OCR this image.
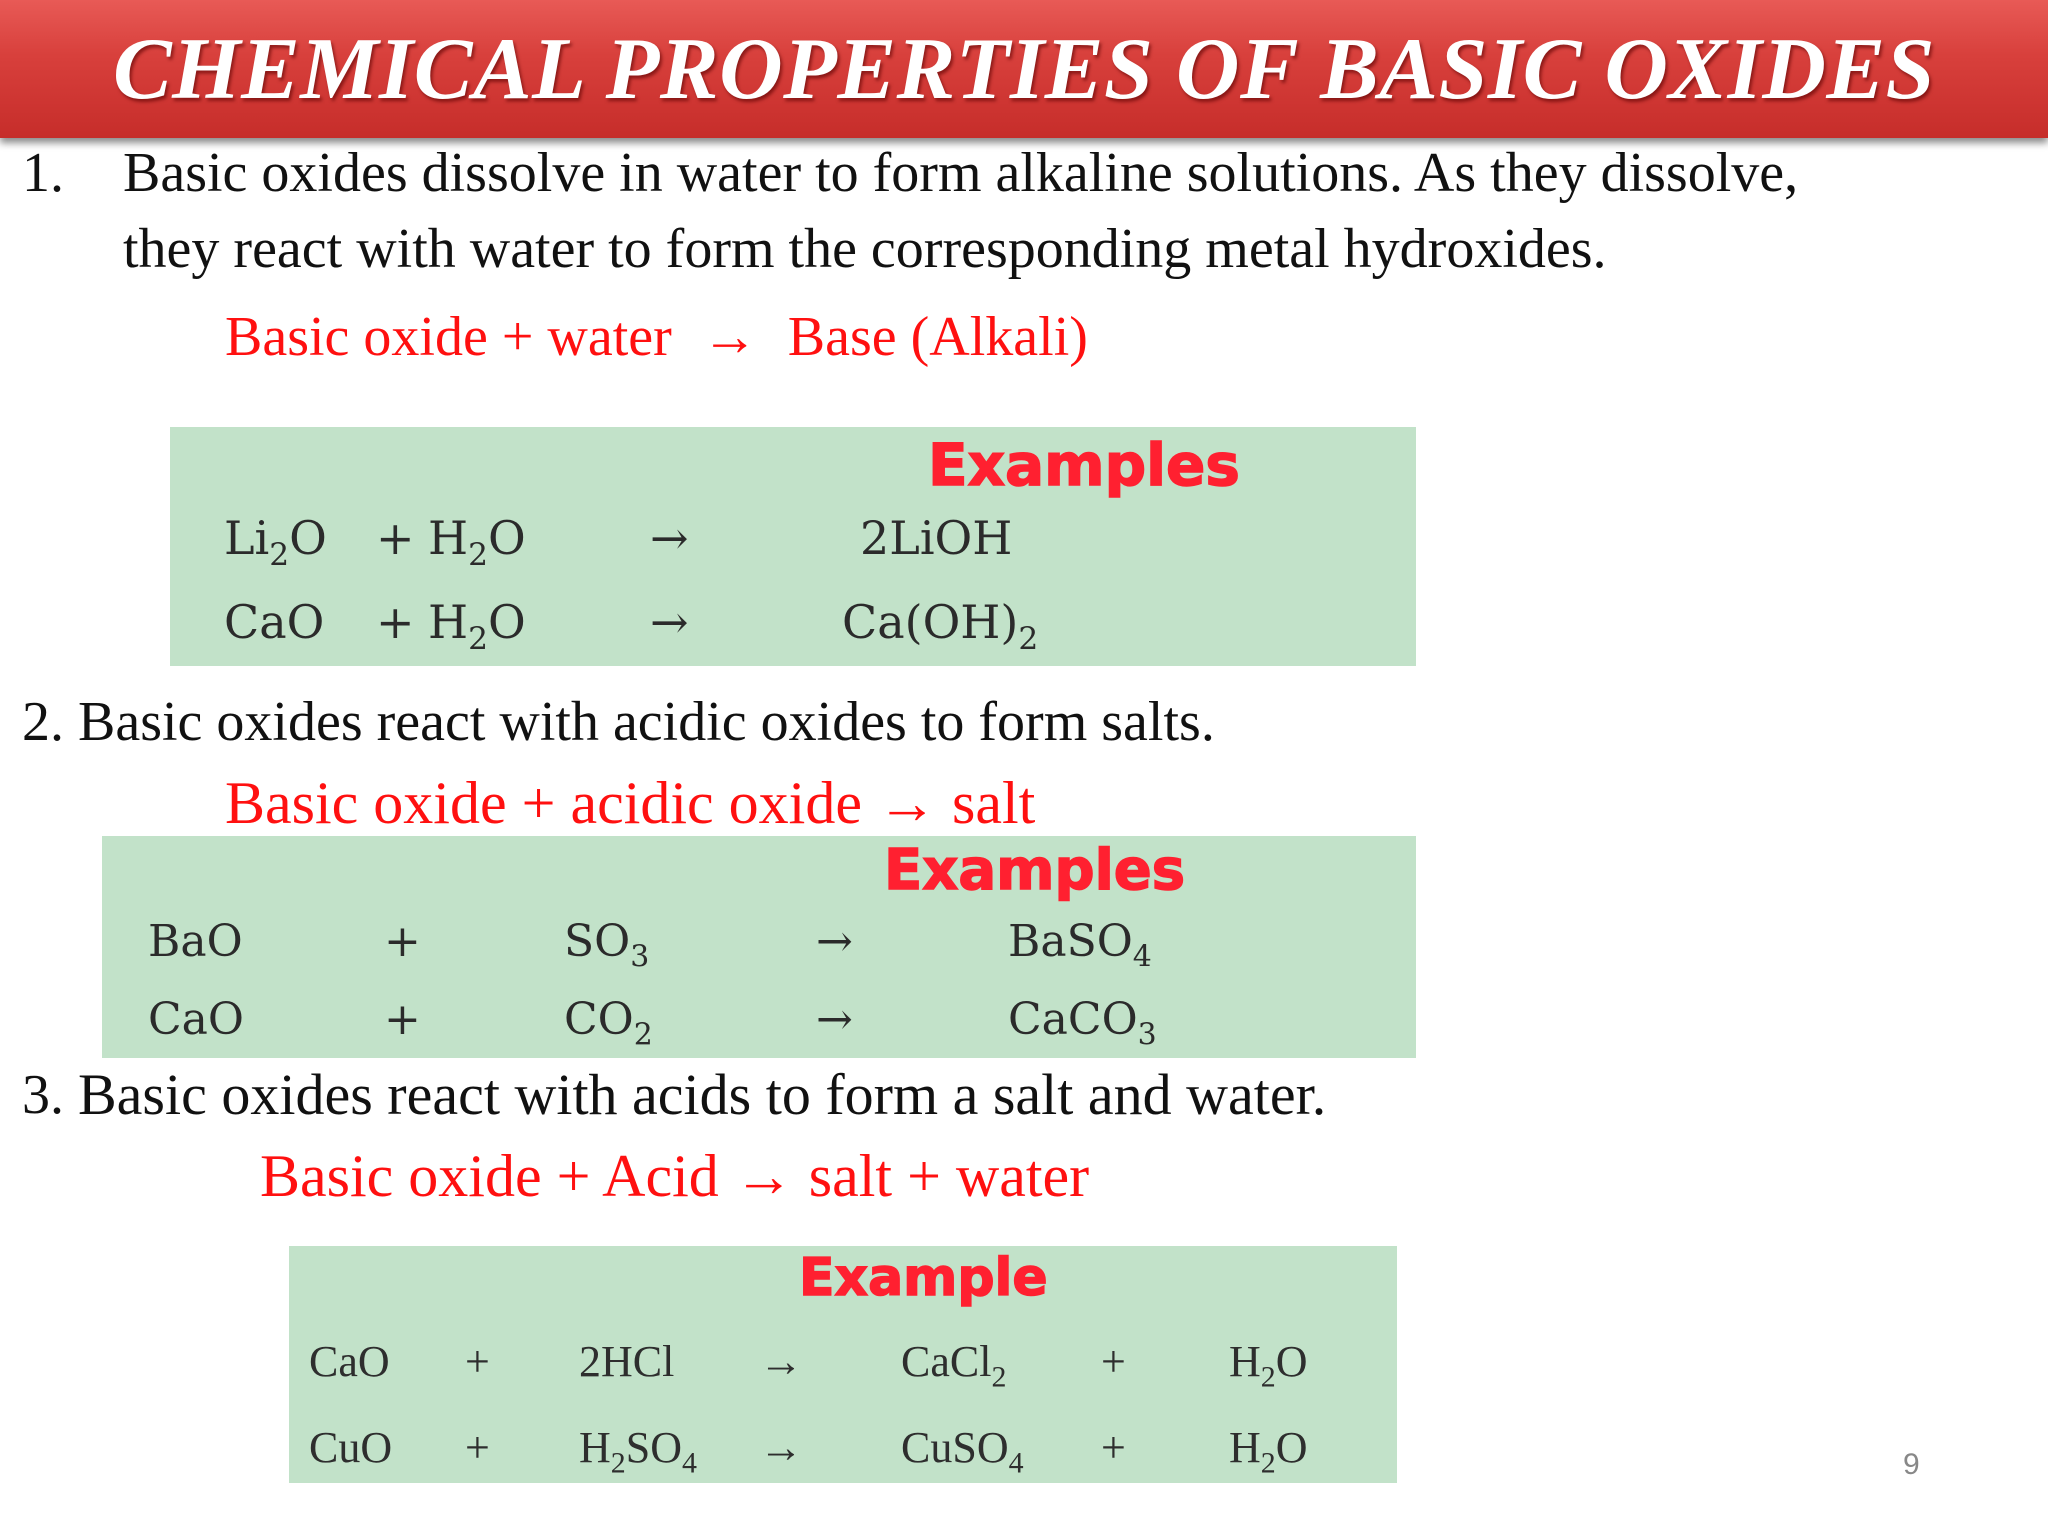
CHEMICAL PROPERTIES OF BASIC OXIDES
1. Basic oxides dissolve in water to form alkaline solutions. As they dissolve,
they react with water to form the corresponding metal hydroxides.
Basic oxide + water → Base (Alkali)
Examples
$Li_2O + H_2O$	→	2LiOH
CaO + $H_2O$	→	$Ca(OH)_2$
2. Basic oxides react with acidic oxides to form salts.
Basic oxide + acidic oxide → salt
Examples
BaO	+	$SO_3$	→	BaSO$_4$
CaO	+	$CO_2$	→	CaCO$_3$
3. Basic oxides react with acids to form a salt and water.
Basic oxide + Acid → salt + water
Example
CaO + 2HCl → CaCl$_2$ + $H_2O$
CuO + $H_2SO_4$ → CuSO$_4$ + $H_2O$	9
